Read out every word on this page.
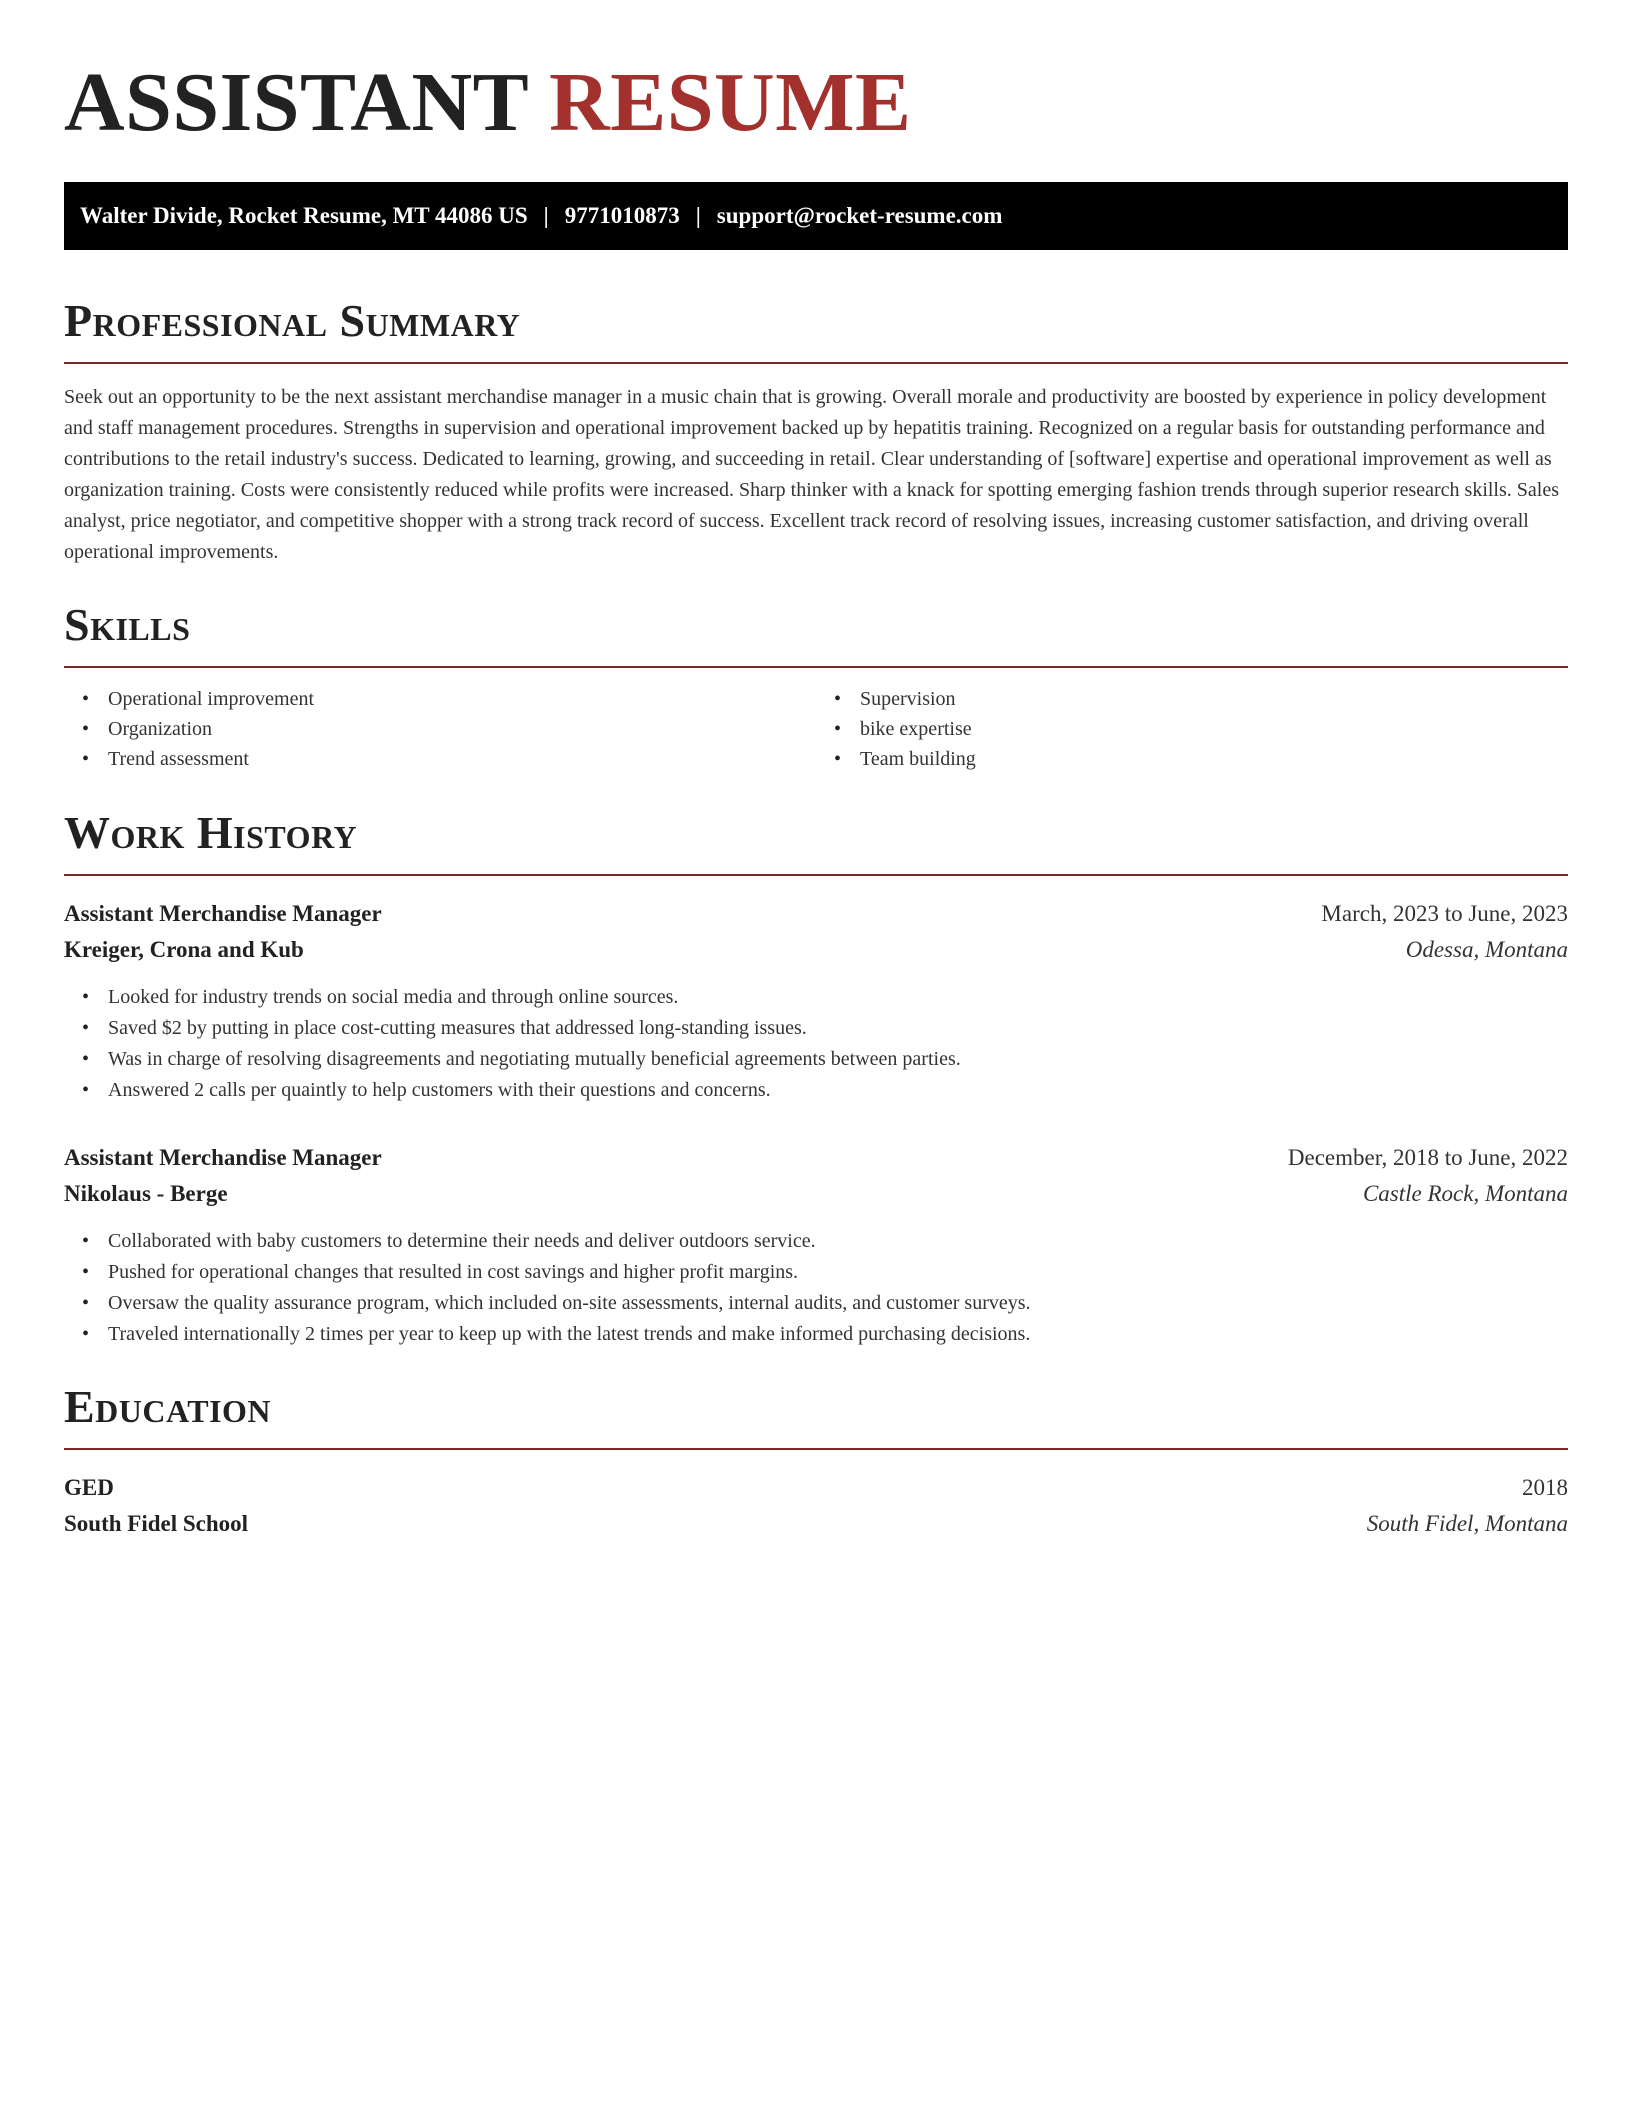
ASSISTANT RESUME
Walter Divide, Rocket Resume, MT 44086 US | 9771010873 | support@rocket-resume.com
Professional Summary

Seek out an opportunity to be the next assistant merchandise manager in a music chain that is growing. Overall morale and productivity are boosted by experience in policy development and staff management procedures. Strengths in supervision and operational improvement backed up by hepatitis training. Recognized on a regular basis for outstanding performance and contributions to the retail industry's success. Dedicated to learning, growing, and succeeding in retail. Clear understanding of [software] expertise and operational improvement as well as organization training. Costs were consistently reduced while profits were increased. Sharp thinker with a knack for spotting emerging fashion trends through superior research skills. Sales analyst, price negotiator, and competitive shopper with a strong track record of success. Excellent track record of resolving issues, increasing customer satisfaction, and driving overall operational improvements.

Skills
• Operational improvement
• Organization
• Trend assessment
• Supervision
• bike expertise
• Team building
Work History
Assistant Merchandise Manager	March, 2023 to June, 2023
Kreiger, Crona and Kub	Odessa, Montana
• Looked for industry trends on social media and through online sources.
• Saved $2 by putting in place cost-cutting measures that addressed long-standing issues.
• Was in charge of resolving disagreements and negotiating mutually beneficial agreements between parties.
• Answered 2 calls per quaintly to help customers with their questions and concerns.
Assistant Merchandise Manager	December, 2018 to June, 2022
Nikolaus - Berge	Castle Rock, Montana
• Collaborated with baby customers to determine their needs and deliver outdoors service.
• Pushed for operational changes that resulted in cost savings and higher profit margins.
• Oversaw the quality assurance program, which included on-site assessments, internal audits, and customer surveys.
• Traveled internationally 2 times per year to keep up with the latest trends and make informed purchasing decisions.
Education
GED	2018
South Fidel School	South Fidel, Montana
